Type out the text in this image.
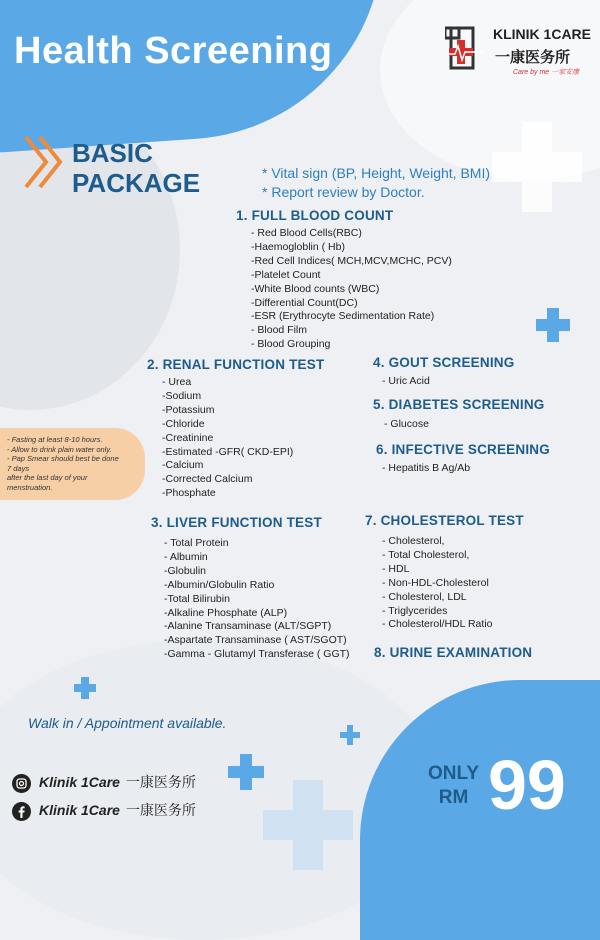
Health Screening	KLINIK 1CARE
一康医务所
Care by me 一家安康
BASIC
PACKAGE	* Vital sign (BP, Height, Weight, BMI)
* Report review by Doctor.
1. FULL BLOOD COUNT
- Red Blood Cells(RBC)
-Haemogloblin ( Hb)
-Red Cell Indices( MCH,MCV,MCHC, PCV)
-Platelet Count
-White Blood counts (WBC)
-Differential Count(DC)
-ESR (Erythrocyte Sedimentation Rate)
- Blood Film
- Blood Grouping
2. RENAL FUNCTION TEST
- Urea
-Sodium
-Potassium
-Chloride
-Creatinine
-Estimated -GFR( CKD-EPI)
-Calcium
-Corrected Calcium
-Phosphate
- Fasting at least 8-10 hours.
- Allow to drink plain water only.
- Pap Smear should best be done
7 days
after the last day of your
menstruation.
3. LIVER FUNCTION TEST
- Total Protein
- Albumin
-Globulin
-Albumin/Globulin Ratio
-Total Bilirubin
-Alkaline Phosphate (ALP)
-Alanine Transaminase (ALT/SGPT)
-Aspartate Transaminase ( AST/SGOT)
-Gamma - Glutamyl Transferase ( GGT)
4. GOUT SCREENING
- Uric Acid
5. DIABETES SCREENING
- Glucose
6. INFECTIVE SCREENING
- Hepatitis B Ag/Ab
7. CHOLESTEROL TEST
- Cholesterol,
- Total Cholesterol,
- HDL
- Non-HDL-Cholesterol
- Cholesterol, LDL
- Triglycerides
- Cholesterol/HDL Ratio
8. URINE EXAMINATION
Walk in / Appointment available.
Klinik 1Care 一康医务所
Klinik 1Care 一康医务所
ONLY
RM 99
